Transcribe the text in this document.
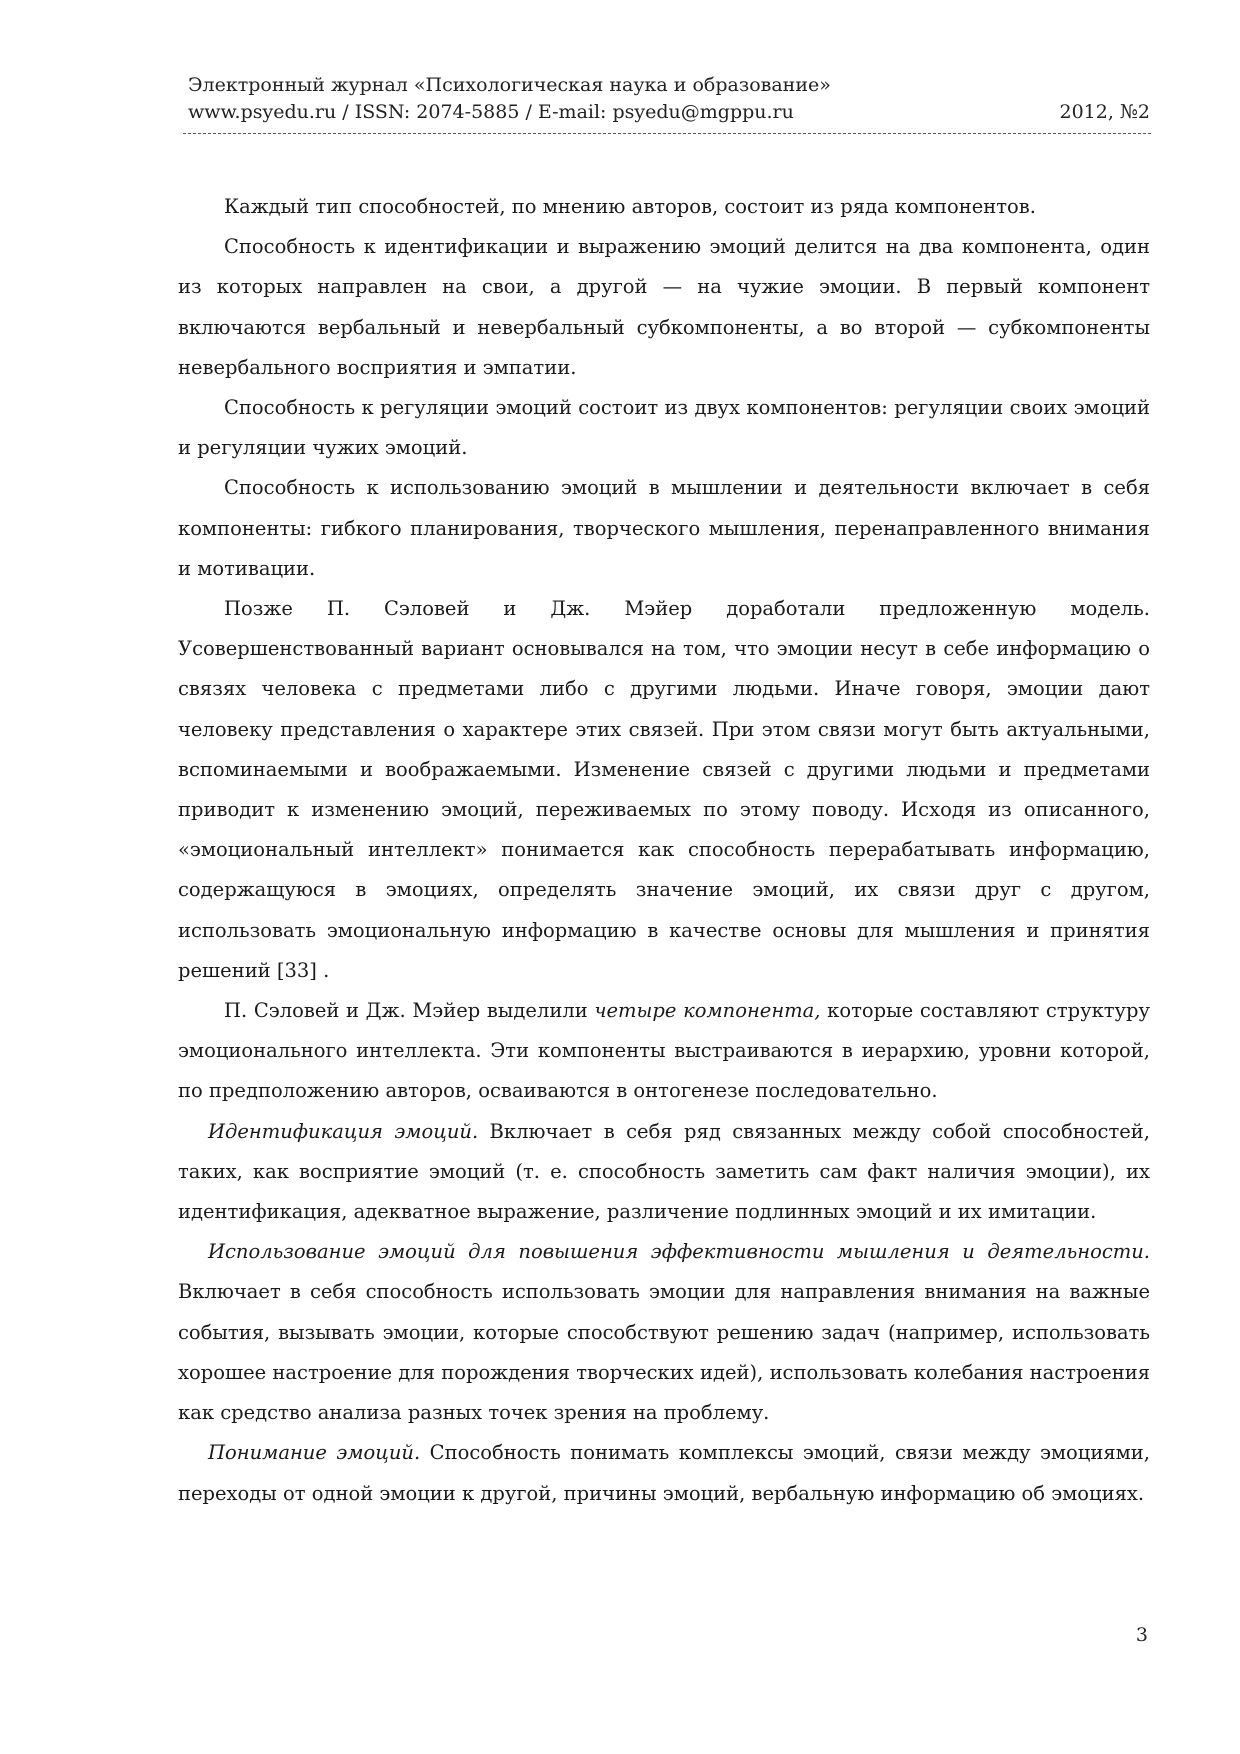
Электронный журнал «Психологическая наука и образование»
www.psyedu.ru / ISSN: 2074-5885 / E-mail: psyedu@mgppu.ru	2012, №2

Каждый тип способностей, по мнению авторов, состоит из ряда компонентов.

Способность к идентификации и выражению эмоций делится на два компонента, один из которых направлен на свои, а другой — на чужие эмоции. В первый компонент включаются вербальный и невербальный субкомпоненты, а во второй — субкомпоненты невербального восприятия и эмпатии.

Способность к регуляции эмоций состоит из двух компонентов: регуляции своих эмоций и регуляции чужих эмоций.

Способность к использованию эмоций в мышлении и деятельности включает в себя компоненты: гибкого планирования, творческого мышления, перенаправленного внимания и мотивации.

Позже П. Сэловей и Дж. Мэйер доработали предложенную модель. Усовершенствованный вариант основывался на том, что эмоции несут в себе информацию о связях человека с предметами либо с другими людьми. Иначе говоря, эмоции дают человеку представления о характере этих связей. При этом связи могут быть актуальными, вспоминаемыми и воображаемыми. Изменение связей с другими людьми и предметами приводит к изменению эмоций, переживаемых по этому поводу. Исходя из описанного, «эмоциональный интеллект» понимается как способность перерабатывать информацию, содержащуюся в эмоциях, определять значение эмоций, их связи друг с другом, использовать эмоциональную информацию в качестве основы для мышления и принятия решений [33] .

П. Сэловей и Дж. Мэйер выделили четыре компонента, которые составляют структуру эмоционального интеллекта. Эти компоненты выстраиваются в иерархию, уровни которой, по предположению авторов, осваиваются в онтогенезе последовательно.

Идентификация эмоций. Включает в себя ряд связанных между собой способностей, таких, как восприятие эмоций (т. е. способность заметить сам факт наличия эмоции), их идентификация, адекватное выражение, различение подлинных эмоций и их имитации.

Использование эмоций для повышения эффективности мышления и деятельности. Включает в себя способность использовать эмоции для направления внимания на важные события, вызывать эмоции, которые способствуют решению задач (например, использовать хорошее настроение для порождения творческих идей), использовать колебания настроения как средство анализа разных точек зрения на проблему.

Понимание эмоций. Способность понимать комплексы эмоций, связи между эмоциями, переходы от одной эмоции к другой, причины эмоций, вербальную информацию об эмоциях.

3
